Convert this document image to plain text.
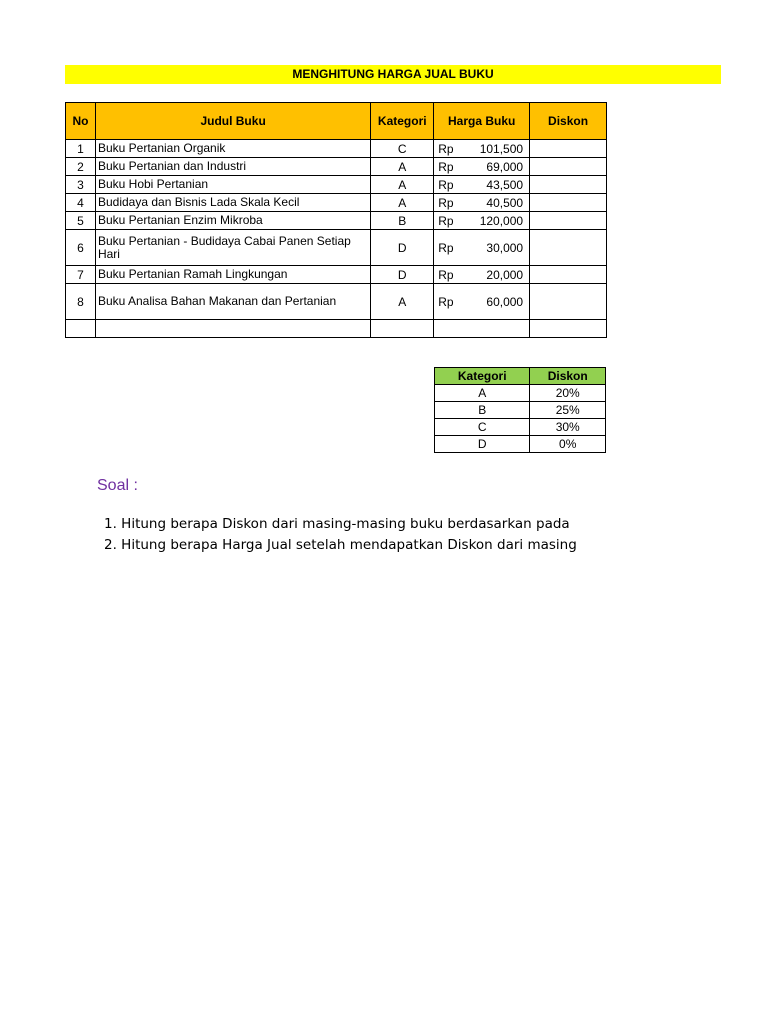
MENGHITUNG HARGA JUAL BUKU
No	Judul Buku	Kategori	Harga Buku	Diskon
1	Buku Pertanian Organik	C	Rp 101,500	

2	Buku Pertanian dan Industri	A	Rp 69,000	

3	Buku Hobi Pertanian	A	Rp 43,500	

4	Budidaya dan Bisnis Lada Skala Kecil	A	Rp 40,500	

5	Buku Pertanian Enzim Mikroba	B	Rp 120,000	

6	Buku Pertanian - Budidaya Cabai Panen Setiap Hari	D	Rp 30,000	

7	Buku Pertanian Ramah Lingkungan	D	Rp 20,000	

8	Buku Analisa Bahan Makanan dan Pertanian	A	Rp 60,000	

Kategori	Diskon
A	20%
B	25%
C	30%
D	0%
Soal :
1. Hitung berapa Diskon dari masing-masing buku berdasarkan pada
2. Hitung berapa Harga Jual setelah mendapatkan Diskon dari masing
